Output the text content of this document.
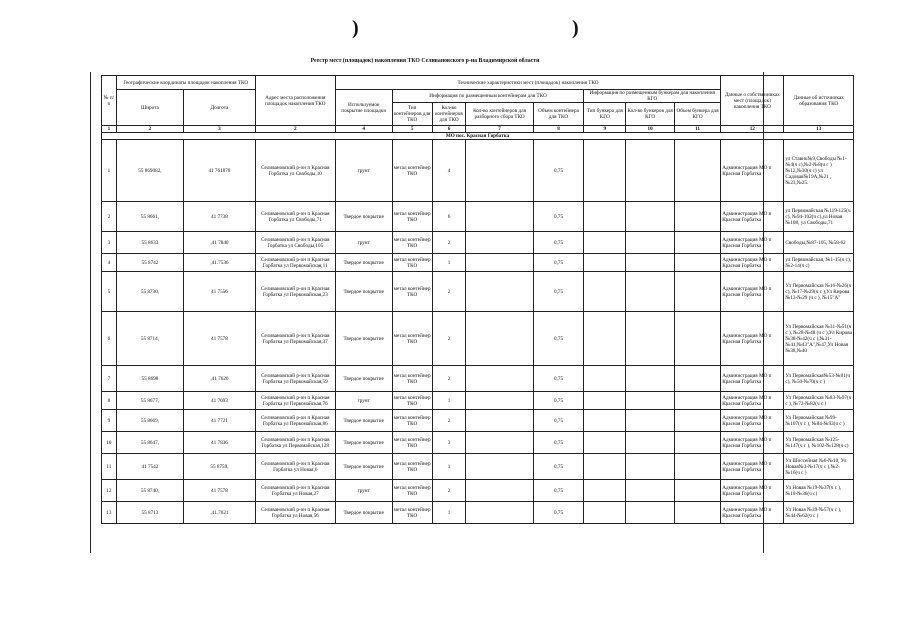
)	)
Реестр мест (площадок) накопления ТКО Селивановского р-на Владимирской области
№ п/п	Географические координаты площадок накопления ТКО		Адрес места расположения площадок накопления ТКО	Технические характеристики мест (площадок) накопления ТКО								Данные о собственниках мест (площадок) накопления ТКО	Данные об источниках образования ТКО
	Широта	Долгота		Используемое покрытие площадки	Информация по размещенным контейнерам для ТКО				Информация по размещенным бункерам для накопления КГО				
					Тип контейнеров для ТКО	Кол-во контейнеров для ТКО	Кол-во контейнеров для разборного сбора ТКО	Объем контейнера для ТКО	Тип бункера для КГО	Кол-во бункеров для КГО	Объем бункера для КГО		
1	2	3	2	4	5	6	7	8	9	10	11	12	13
МО пос. Красная Горбатка													
1	55 869082,	41 761878	Селивановский р-он п Красная Горбатка ул Свободы,10	грунт	метал контейнер ТКО	4		0,75				Администрация МО п Красная Горбатка	ул Ставно№9,Свободы №1-№4(ч с),№2-№8(ч с )№12,№30(ч с) ул Садовая№19А,№21 ,№23,№25.
2	55 8661,	41 7738	Селивановский р-он п Красная Горбатка ул Свободы,71	Твердое покрытие	метал контейнер ТКО	6		0,75				Администрация МО п Красная Горбатка	ул Первомайская №119-125(ч с), №94-102(ч с),ул Новая №108, ул Свободы,71
3	55 8633	,41 7840	Селивановский р-он п Красная Горбатка ул Свободы,105	грунт	метал контейнер ТКО	2		0,75				Администрация МО п Красная Горбатка	Свободы,№87-105, №58-62
4	55 8742	,41.7536	Селивановский р-он п Красная Горбатка ул Первомайская,11	Твердое покрытие	метал контейнер ТКО	1		0,75				Администрация МО п Красная Горбатка	ул Первомайская, №1-15(ч с), №2-14(ч с)
5	55 8730,	41 7556	Селивановский р-он п Красная Горбатка ул Первомайская,23	Твердое покрытие	метал контейнер ТКО	2		0,75				Администрация МО п Красная Горбатка	Ул Первомайская №16-№26(ч с), №17-№29(ч с ),Ул Кирова №13-№29 (ч с ), №15"А"
6	55 8714,	41 7578	Селивановский р-он п Красная Горбатка ул Первомайская,37	Твердое покрытие	метал контейнер ТКО	2		0,75				Администрация МО п Красная Горбатка	Ул Первомайская №31-№51(ч с ), №28-№48 (ч с ),Ул Кирова №38-№42(ч с ),№31-№41,№43"А",№47,Ул Новая №38,№40
7	55 8698	,41 7620	Селивановский р-он п Красная Горбатка ул Первомайская,59	Твердое покрытие	метал контейнер ТКО	2		0,75				Администрация МО п Красная Горбатка	Ул Первомайская№53-№81(ч с), №50-№70(ч с )
8	55 8677,	41 7693	Селивановский р-он п Красная Горбатка ул Первомайская,76	грунт	метал контейнер ТКО	1		0,75				Администрация МО п Красная Горбатка	Ул Первомайская №83-№97(ч с ), №72-№82(ч с )
9	55 8669,	41 7721	Селивановский р-он п Красная Горбатка ул Первомайская,86	Твердое покрытие	метал контейнер ТКО	2		0,75				Администрация МО п Красная Горбатка	Ул Первомайская №99-№107(ч с ), №84-№92(ч с )
10	55 8647,	41 7836	Селивановский р-он п Красная Горбатка ул Первомайская,128	Твердое покрытие	метал контейнер ТКО	3		0,75				Администрация МО п Красная Горбатка	Ул Первомайская №125-№147(ч с ), №102-№128(ч с)
11	41 7542	55 8759,	Селивановский р-он п Красная Горбатка ул Новая,6	Твердое покрытие	метал контейнер ТКО	1		0,75				Администрация МО п Красная Горбатка	Ул Шоссейная №6-№10, Ул Новая№3-№17(ч с ),№2-№16(ч с )
12	55 8740,	41 7578	Селивановский р-он п Красная Горбатка ул Новая,27	грунт	метал контейнер ТКО	2		0,75				Администрация МО п Красная Горбатка	Ул Новая №19-№37(ч с ),№18-№36(ч с)
13	55 8713	,41.7621	Селивановский р-он п Красная Горбатка ул Новая,56	Твердое покрытие	метал контейнер ТКО	1		0,75				Администрация МО п Красная Горбатка	Ул Новая №39-№57(ч с ),№44-№62(ч с )
